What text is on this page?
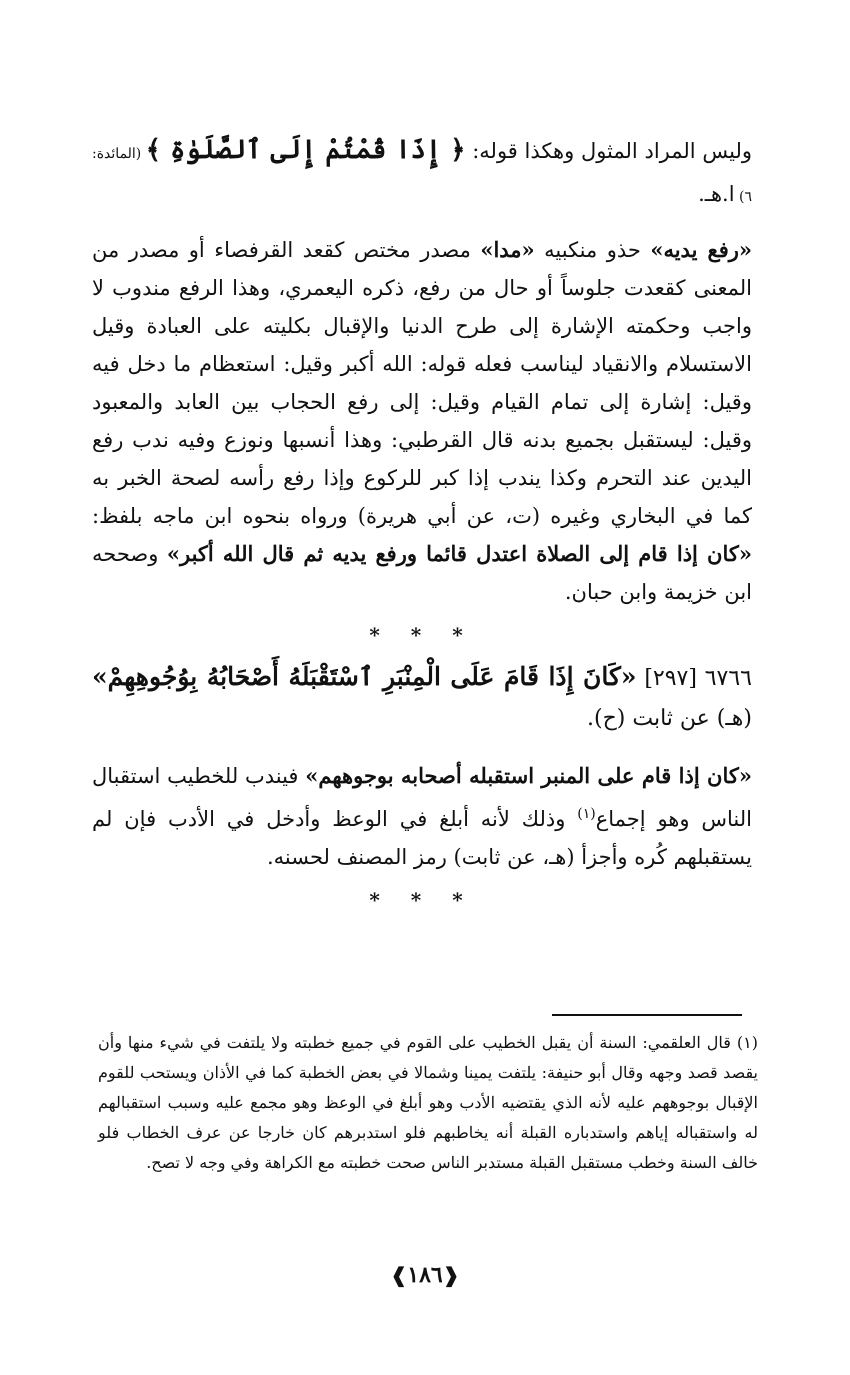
وليس المراد المثول وهكذا قوله: ﴿ إِذَا قُمْتُمْ إِلَى ٱلصَّلَوٰةِ ﴾ (المائدة: ٦) ا.هـ.

«رفع يديه» حذو منكبيه «مدا» مصدر مختص كقعد القرفصاء أو مصدر من المعنى كقعدت جلوساً أو حال من رفع، ذكره اليعمري، وهذا الرفع مندوب لا واجب وحكمته الإشارة إلى طرح الدنيا والإقبال بكليته على العبادة وقيل الاستسلام والانقياد ليناسب فعله قوله: الله أكبر وقيل: استعظام ما دخل فيه وقيل: إشارة إلى تمام القيام وقيل: إلى رفع الحجاب بين العابد والمعبود وقيل: ليستقبل بجميع بدنه قال القرطبي: وهذا أنسبها ونوزع وفيه ندب رفع اليدين عند التحرم وكذا يندب إذا كبر للركوع وإذا رفع رأسه لصحة الخبر به كما في البخاري وغيره (ت، عن أبي هريرة) ورواه بنحوه ابن ماجه بلفظ: «كان إذا قام إلى الصلاة اعتدل قائما ورفع يديه ثم قال الله أكبر» وصححه ابن خزيمة وابن حبان.

* * *

٦٧٦٦ [٢٩٧] «كَانَ إِذَا قَامَ عَلَى الْمِنْبَرِ ٱسْتَقْبَلَهُ أَصْحَابُهُ بِوُجُوهِهِمْ» (هـ) عن ثابت (ح).

«كان إذا قام على المنبر استقبله أصحابه بوجوههم» فيندب للخطيب استقبال الناس وهو إجماع$^{(١)}$ وذلك لأنه أبلغ في الوعظ وأدخل في الأدب فإن لم يستقبلهم كُره وأجزأ (هـ، عن ثابت) رمز المصنف لحسنه.

* * *

(١) قال العلقمي: السنة أن يقبل الخطيب على القوم في جميع خطبته ولا يلتفت في شيء منها وأن يقصد قصد وجهه وقال أبو حنيفة: يلتفت يمينا وشمالا في بعض الخطبة كما في الأذان ويستحب للقوم الإقبال بوجوههم عليه لأنه الذي يقتضيه الأدب وهو أبلغ في الوعظ وهو مجمع عليه وسبب استقبالهم له واستقباله إياهم واستدباره القبلة أنه يخاطبهم فلو استدبرهم كان خارجا عن عرف الخطاب فلو خالف السنة وخطب مستقبل القبلة مستدبر الناس صحت خطبته مع الكراهة وفي وجه لا تصح.

❰١٨٦❱
